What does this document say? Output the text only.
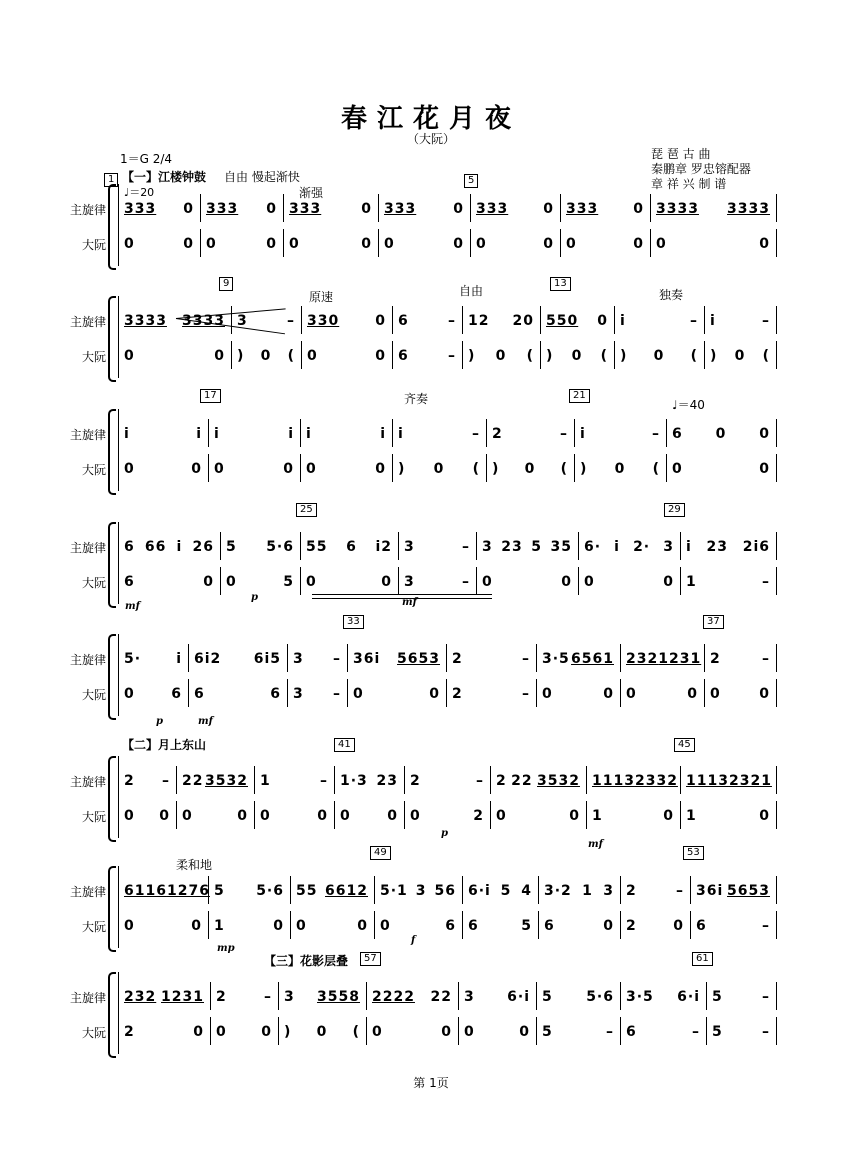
春江花月夜
（大阮）
琵 琶 古 曲
秦鹏章 罗忠镕配器
章 祥 兴 制 谱
1＝G 2/4
♩＝20
【一】江楼钟鼓 自由 慢起渐快
【二】月上东山
【三】花影层叠
渐强
原速	自由	独奏
齐奏	♩＝40
柔和地
1	5
9	13
17	21
25	29
33	37
41	45
49	53
57	61
mf
p	mf
p	mf
mf
p
mp
f
主旋律
大阮
333 0 333 0 333	0 333	0 333	0 333	0 3333 3333
0	0 0	0 0	0 0	0 0	0 0	0 0	0
主旋律
大阮
3333 3333 3	– 330	0 6	– 12 20 550 0 i	– i	–
0	0 ) 0 ( 0	0 6	– ) 0 ( ) 0 ( ) 0 ( ) 0 (
主旋律
大阮
i	i i	i i	i i	– 2	– i	– 6 0 0
0	0 0	0 0	0 ) 0 ( ) 0 ( ) 0 ( 0	0
主旋律
大阮
6 66 i 26 5 5·6 55 6 i2 3	– 3 23 5 35 6· i 2· 3 i 23 2i6
6	0 0	5 0	0 3	– 0	0 0	0 1	–
主旋律
大阮
5·	i 6i2 6i5 3 – 36i 5653 2	– 3·5 6561 232 1231 2	–
0	6 6	6 3 – 0	0 2	– 0	0 0	0 0	0
主旋律
大阮
2 – 22 3532 1	– 1·3 23 2	– 2 22 3532 1113 2332 1113 2321
0 0 0	0 0	0 0	0 0	2 0	0 1	0 1	0
主旋律
大阮
6116 1276 5 5·6 55 6612 5·1 3 56 6·i 5 4 3·2 1 3 2	– 36i 5653
0	0 1	0 0	0 0	6 6	5 6	0 2	0 6	–
主旋律
大阮
232 1231 2	– 3 3558 2222 22 3 6·i 5 5·6 3·5 6·i 5	–
2	0 0 0 ) 0 ( 0	0 0	0 5	– 6	– 5	–
第 1页
